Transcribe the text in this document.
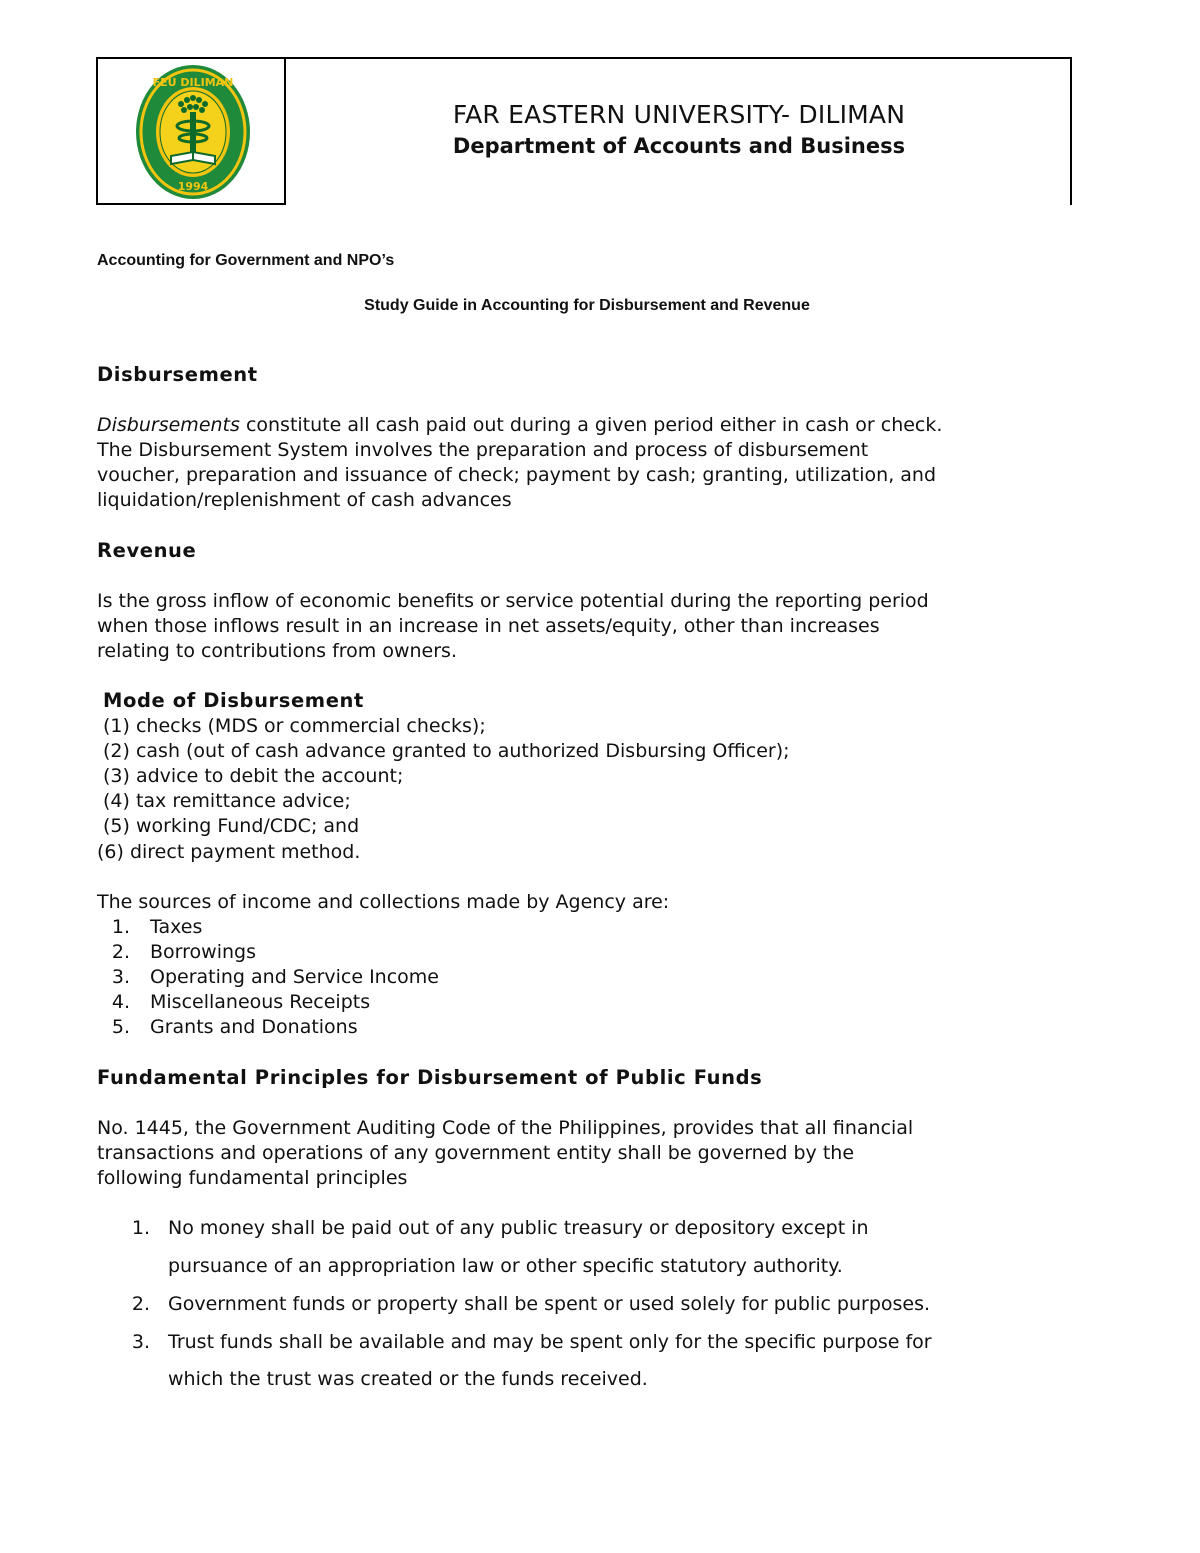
FEU DILIMAN
1994
FAR EASTERN UNIVERSITY- DILIMAN
Department of Accounts and Business
Accounting for Government and NPO’s
Study Guide in Accounting for Disbursement and Revenue
Disbursement
Disbursements constitute all cash paid out during a given period either in cash or check.
The Disbursement System involves the preparation and process of disbursement
voucher, preparation and issuance of check; payment by cash; granting, utilization, and
liquidation/replenishment of cash advances
Revenue
Is the gross inflow of economic benefits or service potential during the reporting period
when those inflows result in an increase in net assets/equity, other than increases
relating to contributions from owners.
Mode of Disbursement
(1) checks (MDS or commercial checks);
(2) cash (out of cash advance granted to authorized Disbursing Officer);
(3) advice to debit the account;
(4) tax remittance advice;
(5) working Fund/CDC; and
(6) direct payment method.
The sources of income and collections made by Agency are:
1. Taxes
2. Borrowings
3. Operating and Service Income
4. Miscellaneous Receipts
5. Grants and Donations
Fundamental Principles for Disbursement of Public Funds
No. 1445, the Government Auditing Code of the Philippines, provides that all financial
transactions and operations of any government entity shall be governed by the
following fundamental principles
1. No money shall be paid out of any public treasury or depository except in
pursuance of an appropriation law or other specific statutory authority.
2. Government funds or property shall be spent or used solely for public purposes.
3. Trust funds shall be available and may be spent only for the specific purpose for
which the trust was created or the funds received.
